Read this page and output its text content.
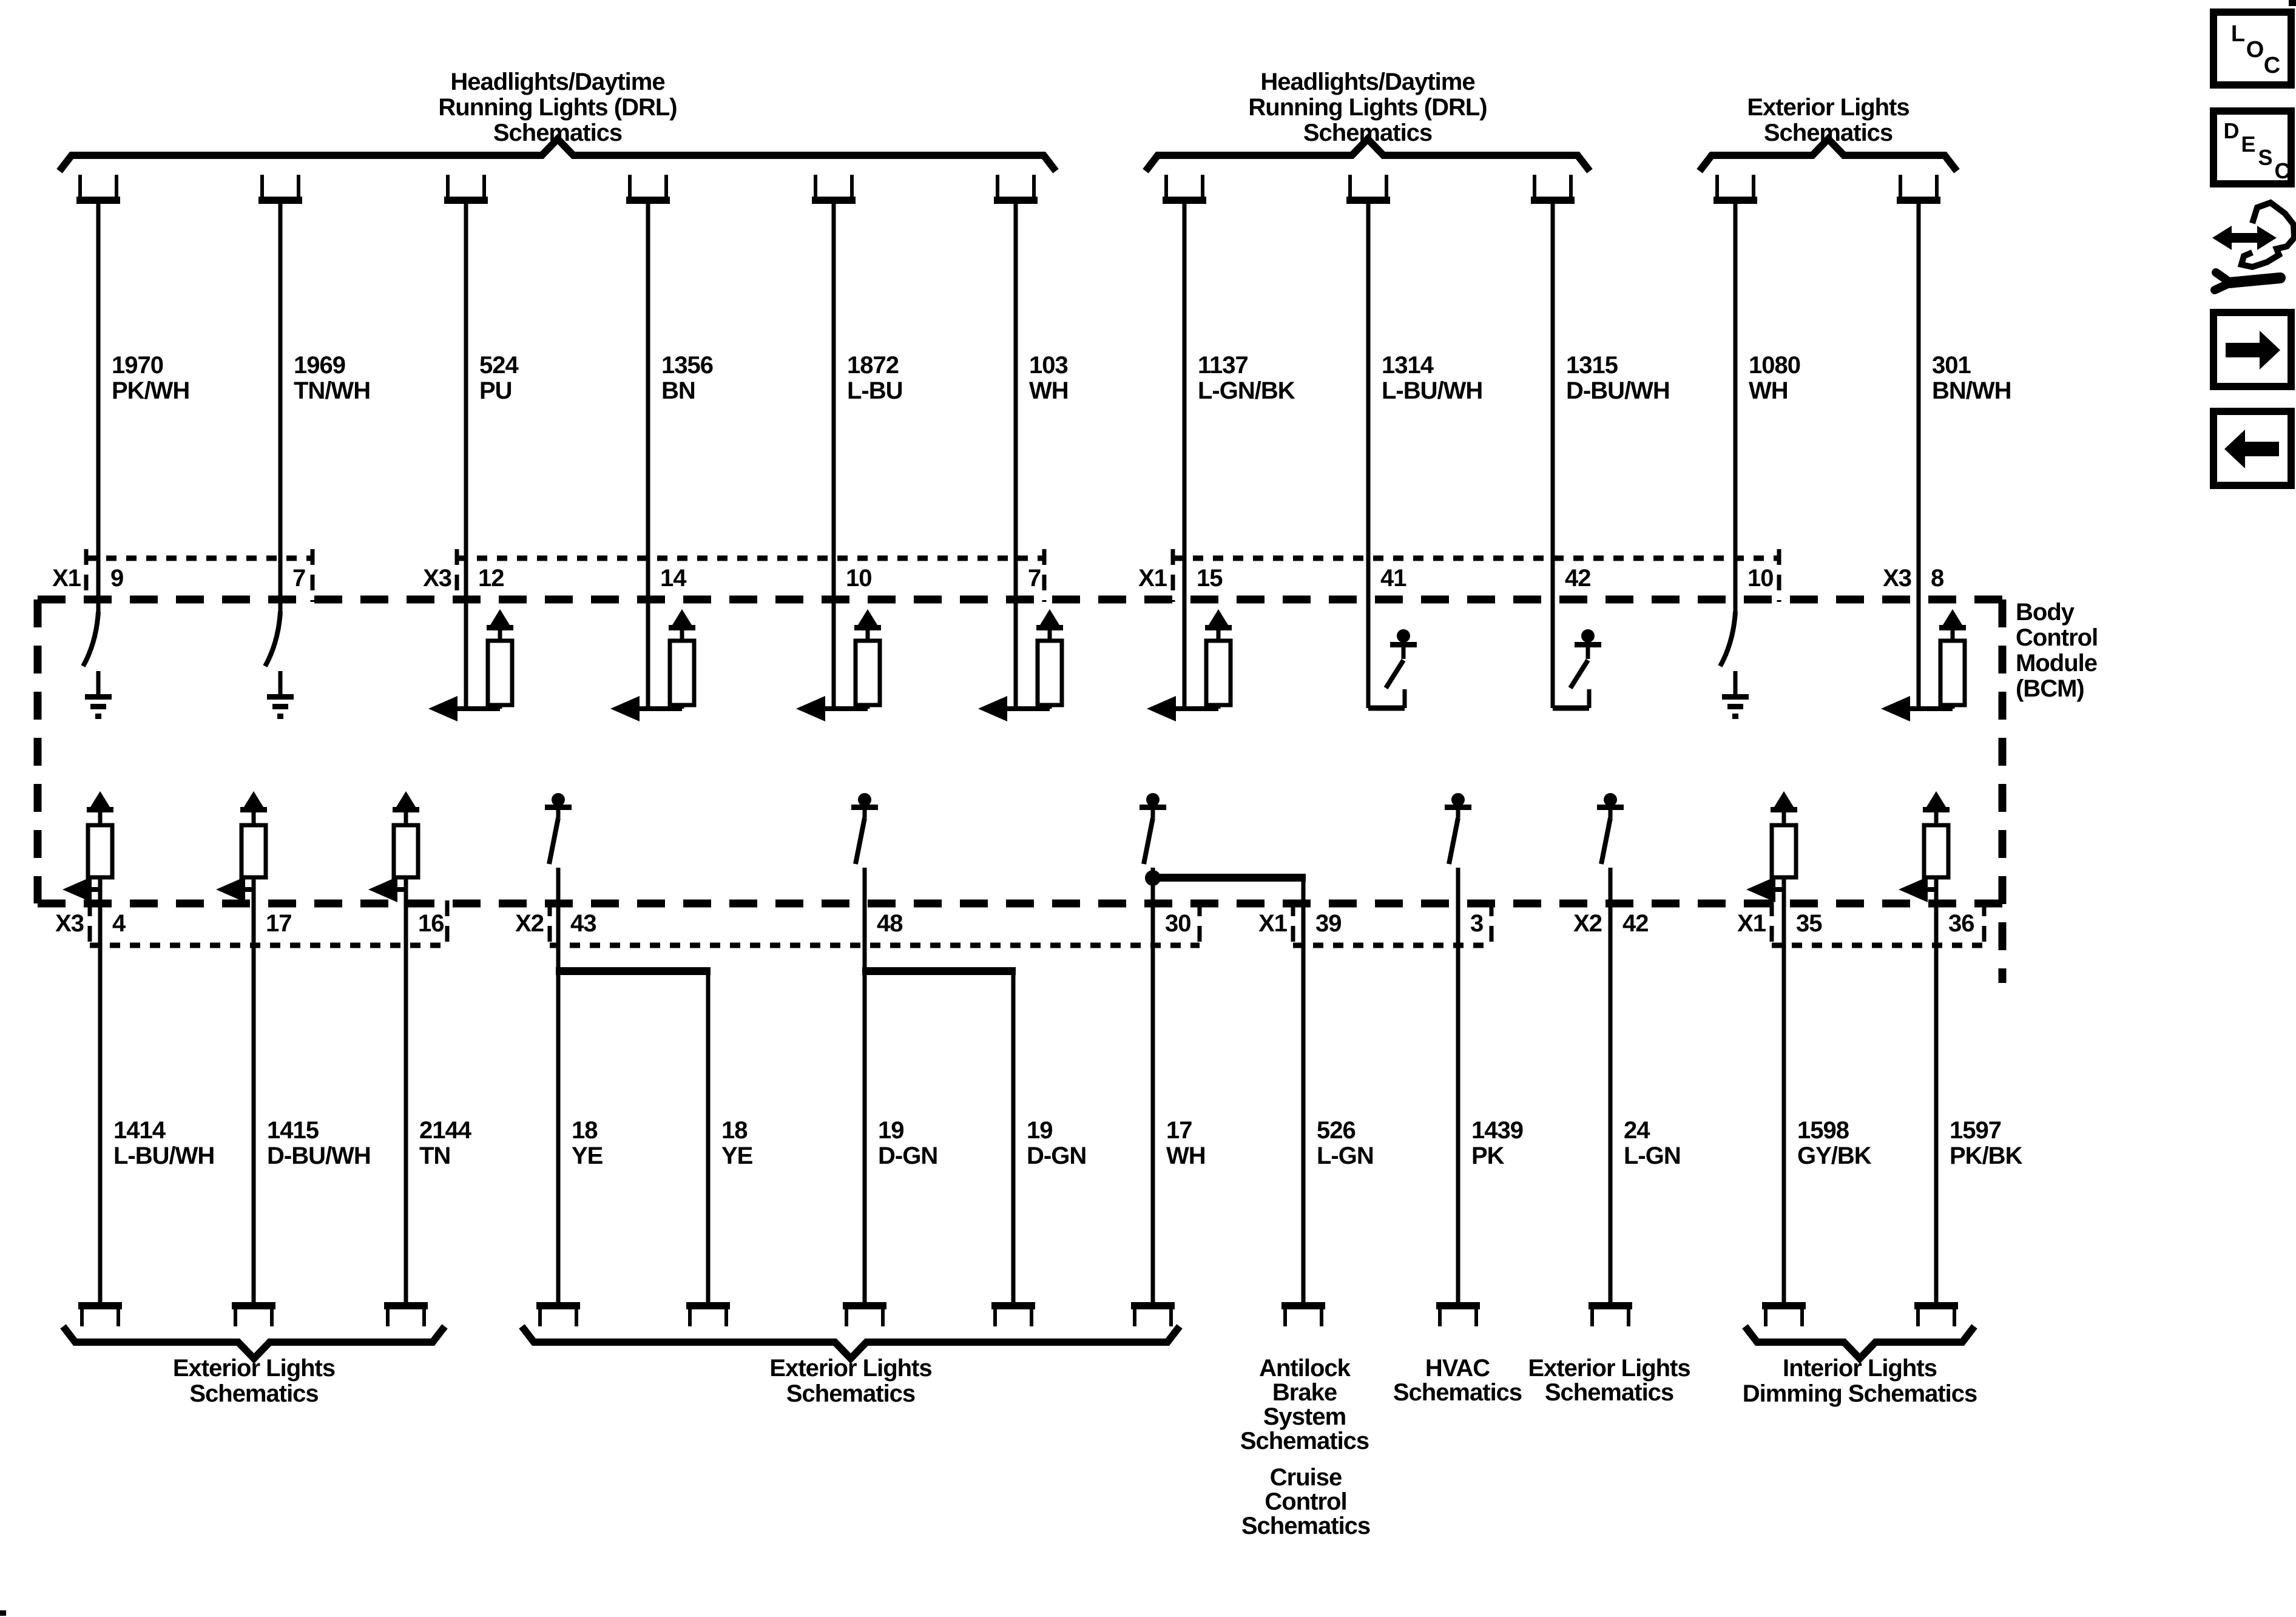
Headlights/Daytime
Running Lights (DRL)
Schematics
Headlights/Daytime
Running Lights (DRL)
Schematics
Exterior Lights
Schematics
1970
PK/WH
1969
TN/WH
524
PU
1356
BN
1872
L-BU
103
WH
1137
L-GN/BK
1314
L-BU/WH
1315
D-BU/WH
1080
WH
301
BN/WH
X1	X3	X1	X3
9	7	12	14	10	7	15	41	42	10	8
Body
Control
Module
(BCM)
1414
L-BU/WH
1415
D-BU/WH
2144
TN
18
YE
18
YE
19
D-GN
19
D-GN
17
WH
526
L-GN
1439
PK
24
L-GN
1598
GY/BK
1597
PK/BK
X3	X2	X1	X2	X1
4	17	16	43	48	30	39	3	42	35	36
Exterior Lights
Schematics
Exterior Lights
Schematics
Interior Lights
Dimming Schematics
Antilock
Brake
System
Schematics
HVAC
Schematics
Exterior Lights
Schematics
Cruise
Control
Schematics
L
O
C
D
E
S
C
